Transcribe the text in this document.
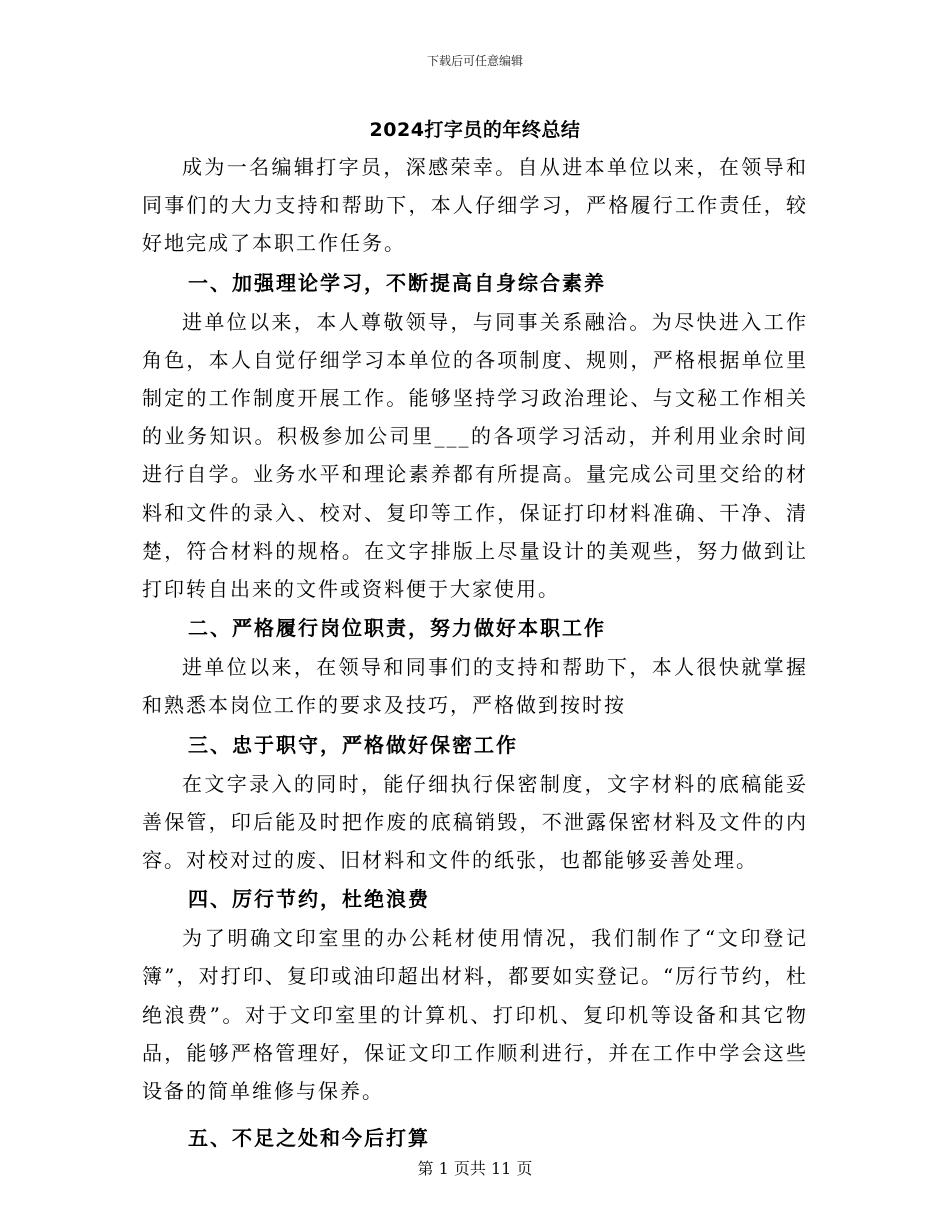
下载后可任意编辑
2024打字员的年终总结

成为一名编辑打字员，深感荣幸。自从进本单位以来，在领导和同事们的大力支持和帮助下，本人仔细学习，严格履行工作责任，较好地完成了本职工作任务。

一、加强理论学习，不断提高自身综合素养

进单位以来，本人尊敬领导，与同事关系融洽。为尽快进入工作角色，本人自觉仔细学习本单位的各项制度、规则，严格根据单位里制定的工作制度开展工作。能够坚持学习政治理论、与文秘工作相关的业务知识。积极参加公司里___的各项学习活动，并利用业余时间进行自学。业务水平和理论素养都有所提高。量完成公司里交给的材料和文件的录入、校对、复印等工作，保证打印材料准确、干净、清楚，符合材料的规格。在文字排版上尽量设计的美观些，努力做到让打印转自出来的文件或资料便于大家使用。

二、严格履行岗位职责，努力做好本职工作

进单位以来，在领导和同事们的支持和帮助下，本人很快就掌握和熟悉本岗位工作的要求及技巧，严格做到按时按

三、忠于职守，严格做好保密工作

在文字录入的同时，能仔细执行保密制度，文字材料的底稿能妥善保管，印后能及时把作废的底稿销毁，不泄露保密材料及文件的内容。对校对过的废、旧材料和文件的纸张，也都能够妥善处理。

四、厉行节约，杜绝浪费

为了明确文印室里的办公耗材使用情况，我们制作了“文印登记簿”，对打印、复印或油印超出材料，都要如实登记。“厉行节约，杜绝浪费”。对于文印室里的计算机、打印机、复印机等设备和其它物品，能够严格管理好，保证文印工作顺利进行，并在工作中学会这些设备的简单维修与保养。

五、不足之处和今后打算
第 1 页共 11 页
